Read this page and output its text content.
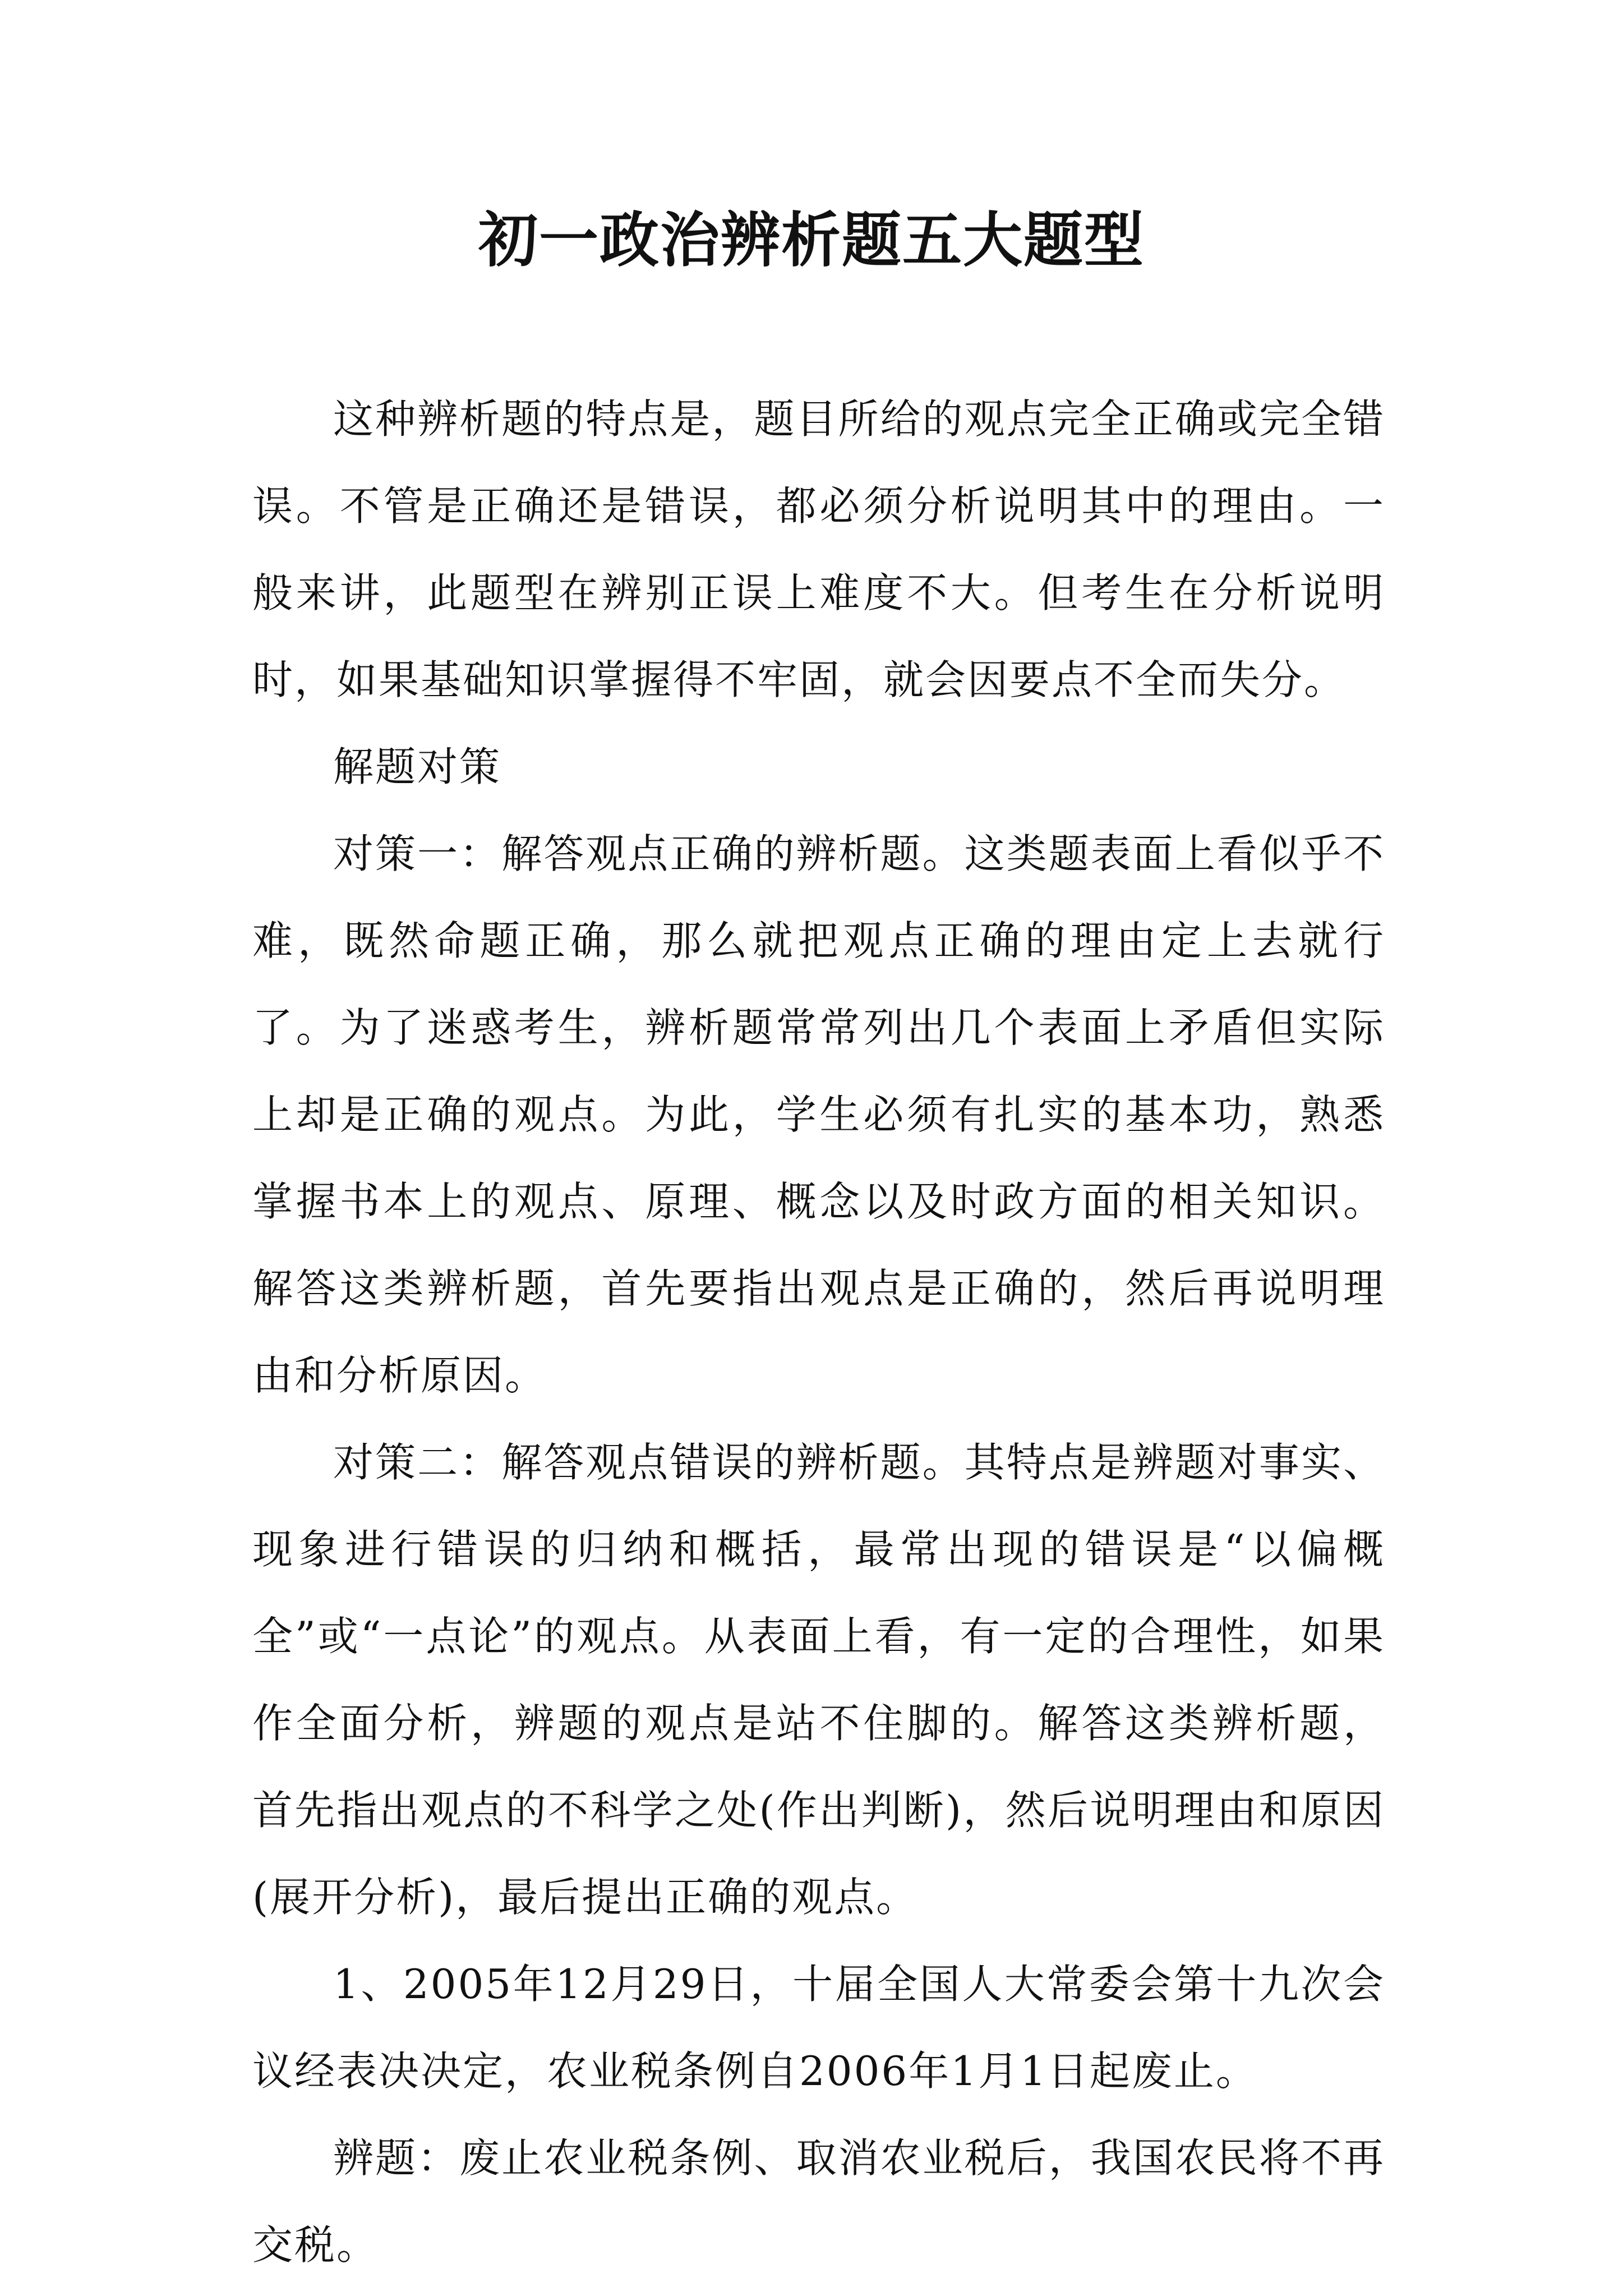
初一政治辨析题五大题型

这种辨析题的特点是，题目所给的观点完全正确或完全错误。不管是正确还是错误，都必须分析说明其中的理由。一般来讲，此题型在辨别正误上难度不大。但考生在分析说明时，如果基础知识掌握得不牢固，就会因要点不全而失分。

解题对策

对策一：解答观点正确的辨析题。这类题表面上看似乎不难，既然命题正确，那么就把观点正确的理由定上去就行了。为了迷惑考生，辨析题常常列出几个表面上矛盾但实际上却是正确的观点。为此，学生必须有扎实的基本功，熟悉掌握书本上的观点、原理、概念以及时政方面的相关知识。解答这类辨析题，首先要指出观点是正确的，然后再说明理由和分析原因。

对策二：解答观点错误的辨析题。其特点是辨题对事实、现象进行错误的归纳和概括，最常出现的错误是“以偏概全”或“一点论”的观点。从表面上看，有一定的合理性，如果作全面分析，辨题的观点是站不住脚的。解答这类辨析题，首先指出观点的不科学之处(作出判断)，然后说明理由和原因(展开分析)，最后提出正确的观点。

1、2005年12月29日，十届全国人大常委会第十九次会议经表决决定，农业税条例自2006年1月1日起废止。

辨题：废止农业税条例、取消农业税后，我国农民将不再交税。
